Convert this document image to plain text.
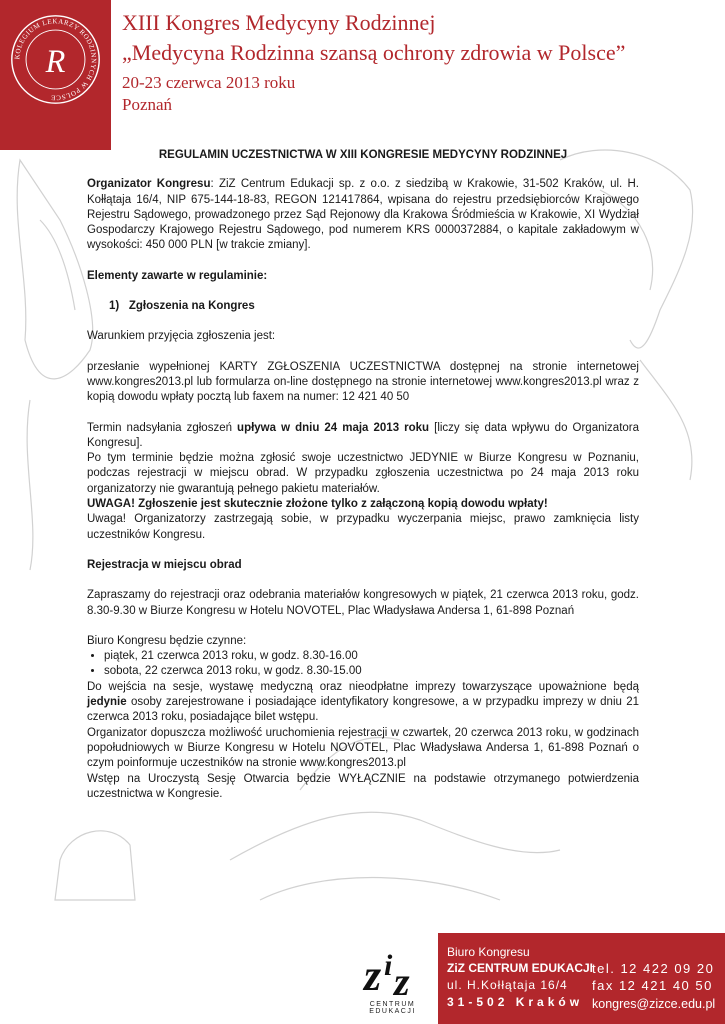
KOLEGIUM LEKARZY RODZINNYCH W POLSCE
R
XIII Kongres Medycyny Rodzinnej
„Medycyna Rodzinna szansą ochrony zdrowia w Polsce”
20-23 czerwca 2013 roku
Poznań

REGULAMIN UCZESTNICTWA W XIII KONGRESIE MEDYCYNY RODZINNEJ

Organizator Kongresu: ZiZ Centrum Edukacji sp. z o.o. z siedzibą w Krakowie, 31-502 Kraków, ul. H. Kołłątaja 16/4, NIP 675-144-18-83, REGON 121417864, wpisana do rejestru przedsiębiorców Krajowego Rejestru Sądowego, prowadzonego przez Sąd Rejonowy dla Krakowa Śródmieścia w Krakowie, XI Wydział Gospodarczy Krajowego Rejestru Sądowego, pod numerem KRS 0000372884, o kapitale zakładowym w wysokości: 450 000 PLN [w trakcie zmiany].

Elementy zawarte w regulaminie:

1) Zgłoszenia na Kongres

Warunkiem przyjęcia zgłoszenia jest:

przesłanie wypełnionej KARTY ZGŁOSZENIA UCZESTNICTWA dostępnej na stronie internetowej www.kongres2013.pl lub formularza on-line dostępnego na stronie internetowej www.kongres2013.pl wraz z kopią dowodu wpłaty pocztą lub faxem na numer: 12 421 40 50

Termin nadsyłania zgłoszeń upływa w dniu 24 maja 2013 roku [liczy się data wpływu do Organizatora Kongresu].

Po tym terminie będzie można zgłosić swoje uczestnictwo JEDYNIE w Biurze Kongresu w Poznaniu, podczas rejestracji w miejscu obrad. W przypadku zgłoszenia uczestnictwa po 24 maja 2013 roku organizatorzy nie gwarantują pełnego pakietu materiałów.

UWAGA! Zgłoszenie jest skutecznie złożone tylko z załączoną kopią dowodu wpłaty!

Uwaga! Organizatorzy zastrzegają sobie, w przypadku wyczerpania miejsc, prawo zamknięcia listy uczestników Kongresu.

Rejestracja w miejscu obrad

Zapraszamy do rejestracji oraz odebrania materiałów kongresowych w piątek, 21 czerwca 2013 roku, godz. 8.30-9.30 w Biurze Kongresu w Hotelu NOVOTEL, Plac Władysława Andersa 1, 61-898 Poznań

Biuro Kongresu będzie czynne:

• piątek, 21 czerwca 2013 roku, w godz. 8.30-16.00
• sobota, 22 czerwca 2013 roku, w godz. 8.30-15.00

Do wejścia na sesje, wystawę medyczną oraz nieodpłatne imprezy towarzyszące upoważnione będą jedynie osoby zarejestrowane i posiadające identyfikatory kongresowe, a w przypadku imprezy w dniu 21 czerwca 2013 roku, posiadające bilet wstępu.

Organizator dopuszcza możliwość uruchomienia rejestracji w czwartek, 20 czerwca 2013 roku, w godzinach popołudniowych w Biurze Kongresu w Hotelu NOVOTEL, Plac Władysława Andersa 1, 61-898 Poznań o czym poinformuje uczestników na stronie www.kongres2013.pl

Wstęp na Uroczystą Sesję Otwarcia będzie WYŁĄCZNIE na podstawie otrzymanego potwierdzenia uczestnictwa w Kongresie.

z i z
CENTRUM EDUKACJI
Biuro Kongresu
ZiZ CENTRUM EDUKACJI
ul. H.Kołłątaja 16/4
31-502 Kraków
tel. 12 422 09 20
fax 12 421 40 50
kongres@zizce.edu.pl
